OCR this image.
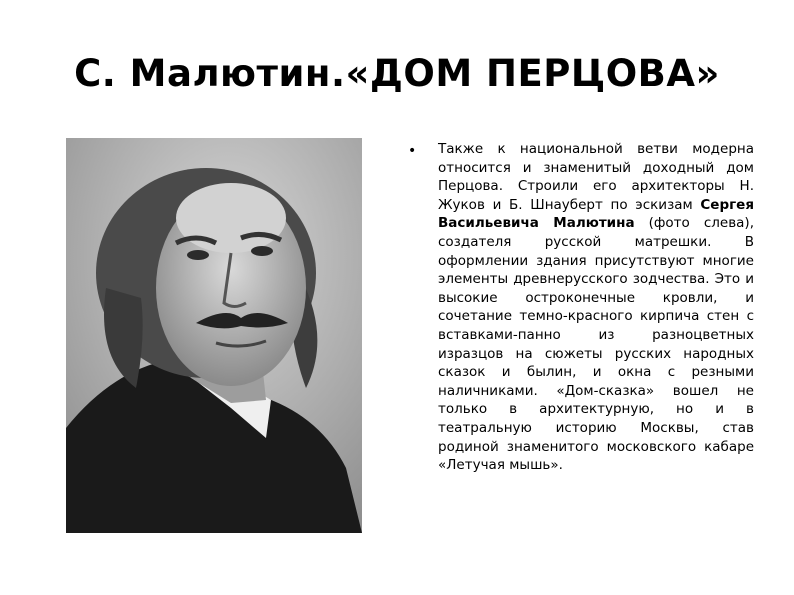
С. Малютин.«ДОМ ПЕРЦОВА»
• Также к национальной ветви модерна относится и знаменитый доходный дом Перцова. Строили его архитекторы Н. Жуков и Б. Шнауберт по эскизам Сергея Васильевича Малютина (фото слева), создателя русской матрешки. В оформлении здания присутствуют многие элементы древнерусского зодчества. Это и высокие остроконечные кровли, и сочетание темно-красного кирпича стен с вставками-панно из разноцветных изразцов на сюжеты русских народных сказок и былин, и окна с резными наличниками. «Дом-сказка» вошел не только в архитектурную, но и в театральную историю Москвы, став родиной знаменитого московского кабаре «Летучая мышь».
